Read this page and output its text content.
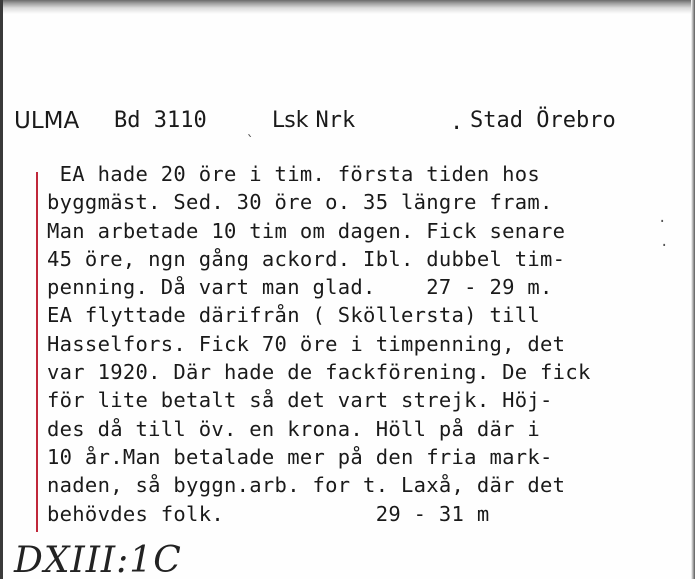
ULMA Bd 3110	Lsk Nrk	. Stad Örebro
EA hade 20 öre i tim. första tiden hos
byggmäst. Sed. 30 öre o. 35 längre fram.
Man arbetade 10 tim om dagen. Fick senare
45 öre, ngn gång ackord. Ibl. dubbel tim-
penning. Då vart man glad.    27 - 29 m.
EA flyttade därifrån ( Sköllersta) till
Hasselfors. Fick 70 öre i timpenning, det
var 1920. Där hade de fackförening. De fick
för lite betalt så det vart strejk. Höj-
des då till öv. en krona. Höll på där i
10 år.Man betalade mer på den fria mark-
naden, så byggn.arb. for t. Laxå, där det
behövdes folk.            29 - 31 m
·
·
`
DXIII:1C
